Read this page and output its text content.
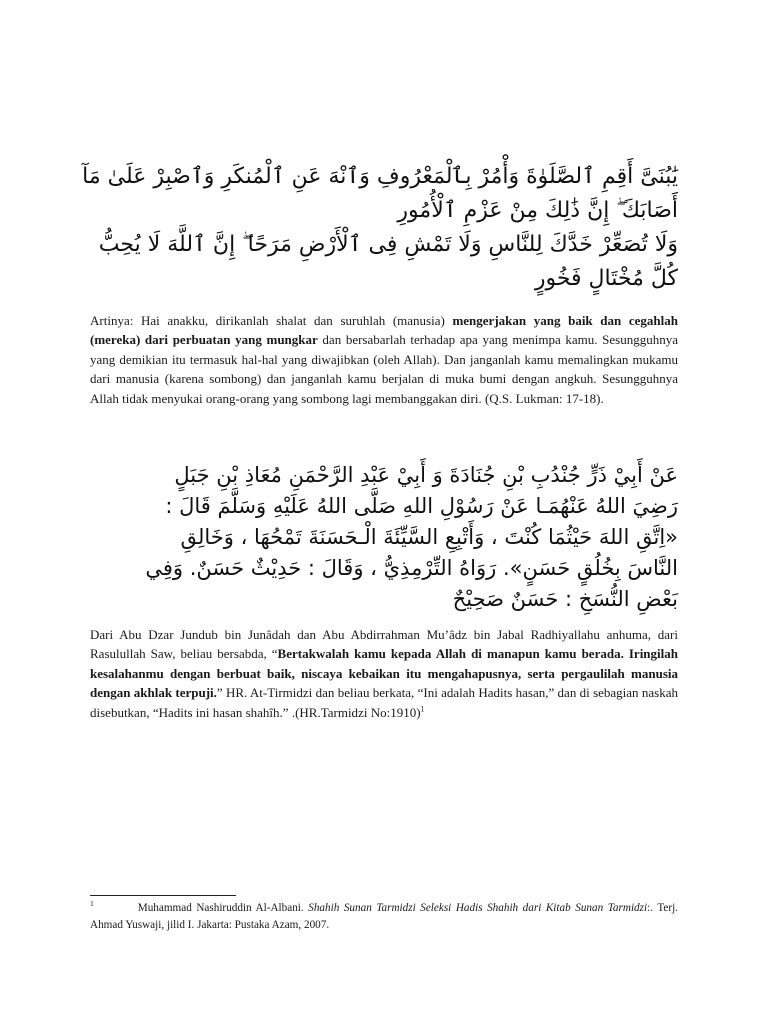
يَٰبُنَىَّ أَقِمِ ٱلصَّلَوٰةَ وَأْمُرْ بِٱلْمَعْرُوفِ وَٱنْهَ عَنِ ٱلْمُنكَرِ وَٱصْبِرْ عَلَىٰ مَآ
أَصَابَكَ ۖ إِنَّ ذَٰلِكَ مِنْ عَزْمِ ٱلْأُمُورِ
وَلَا تُصَعِّرْ خَدَّكَ لِلنَّاسِ وَلَا تَمْشِ فِى ٱلْأَرْضِ مَرَحًا ۖ إِنَّ ٱللَّهَ لَا يُحِبُّ
كُلَّ مُخْتَالٍ فَخُورٍ

Artinya: Hai anakku, dirikanlah shalat dan suruhlah (manusia) mengerjakan yang baik dan cegahlah (mereka) dari perbuatan yang mungkar dan bersabarlah terhadap apa yang menimpa kamu. Sesungguhnya yang demikian itu termasuk hal-hal yang diwajibkan (oleh Allah). Dan janganlah kamu memalingkan mukamu dari manusia (karena sombong) dan janganlah kamu berjalan di muka bumi dengan angkuh. Sesungguhnya Allah tidak menyukai orang-orang yang sombong lagi membanggakan diri. (Q.S. Lukman: 17-18).

عَنْ أَبِيْ ذَرٍّ جُنْدُبِ بْنِ جُنَادَةَ وَ أَبِيْ عَبْدِ الرَّحْمَنِ مُعَاذِ بْنِ جَبَلٍ
رَضِيَ اللهُ عَنْهُمَـا عَنْ رَسُوْلِ اللهِ صَلَّى اللهُ عَلَيْهِ وَسَلَّمَ قَالَ :
«اِتَّقِ اللهَ حَيْثُمَا كُنْتَ ، وَأَتْبِعِ السَّيِّئَةَ الْـحَسَنَةَ تَمْحُهَا ، وَخَالِقِ
النَّاسَ بِخُلُقٍ حَسَنٍ». رَوَاهُ التِّرْمِذِيُّ ، وَقَالَ : حَدِيْثٌ حَسَنٌ. وَفِي
بَعْضِ النُّسَخِ : حَسَنٌ صَحِيْحٌ

Dari Abu Dzar Jundub bin Junâdah dan Abu Abdirrahman Mu’âdz bin Jabal Radhiyallahu anhuma, dari Rasulullah Saw, beliau bersabda, “Bertakwalah kamu kepada Allah di manapun kamu berada. Iringilah kesalahanmu dengan berbuat baik, niscaya kebaikan itu mengahapusnya, serta pergaulilah manusia dengan akhlak terpuji.” HR. At-Tirmidzi dan beliau berkata, “Ini adalah Hadits hasan,” dan di sebagian naskah disebutkan, “Hadits ini hasan shahîh.” .(HR.Tarmidzi No:1910)$^1$

$^1$	Muhammad Nashiruddin Al-Albani. Shahih Sunan Tarmidzi Seleksi Hadis Shahih dari Kitab Sunan Tarmidzi:. Terj. Ahmad Yuswaji, jilid I. Jakarta: Pustaka Azam, 2007.
